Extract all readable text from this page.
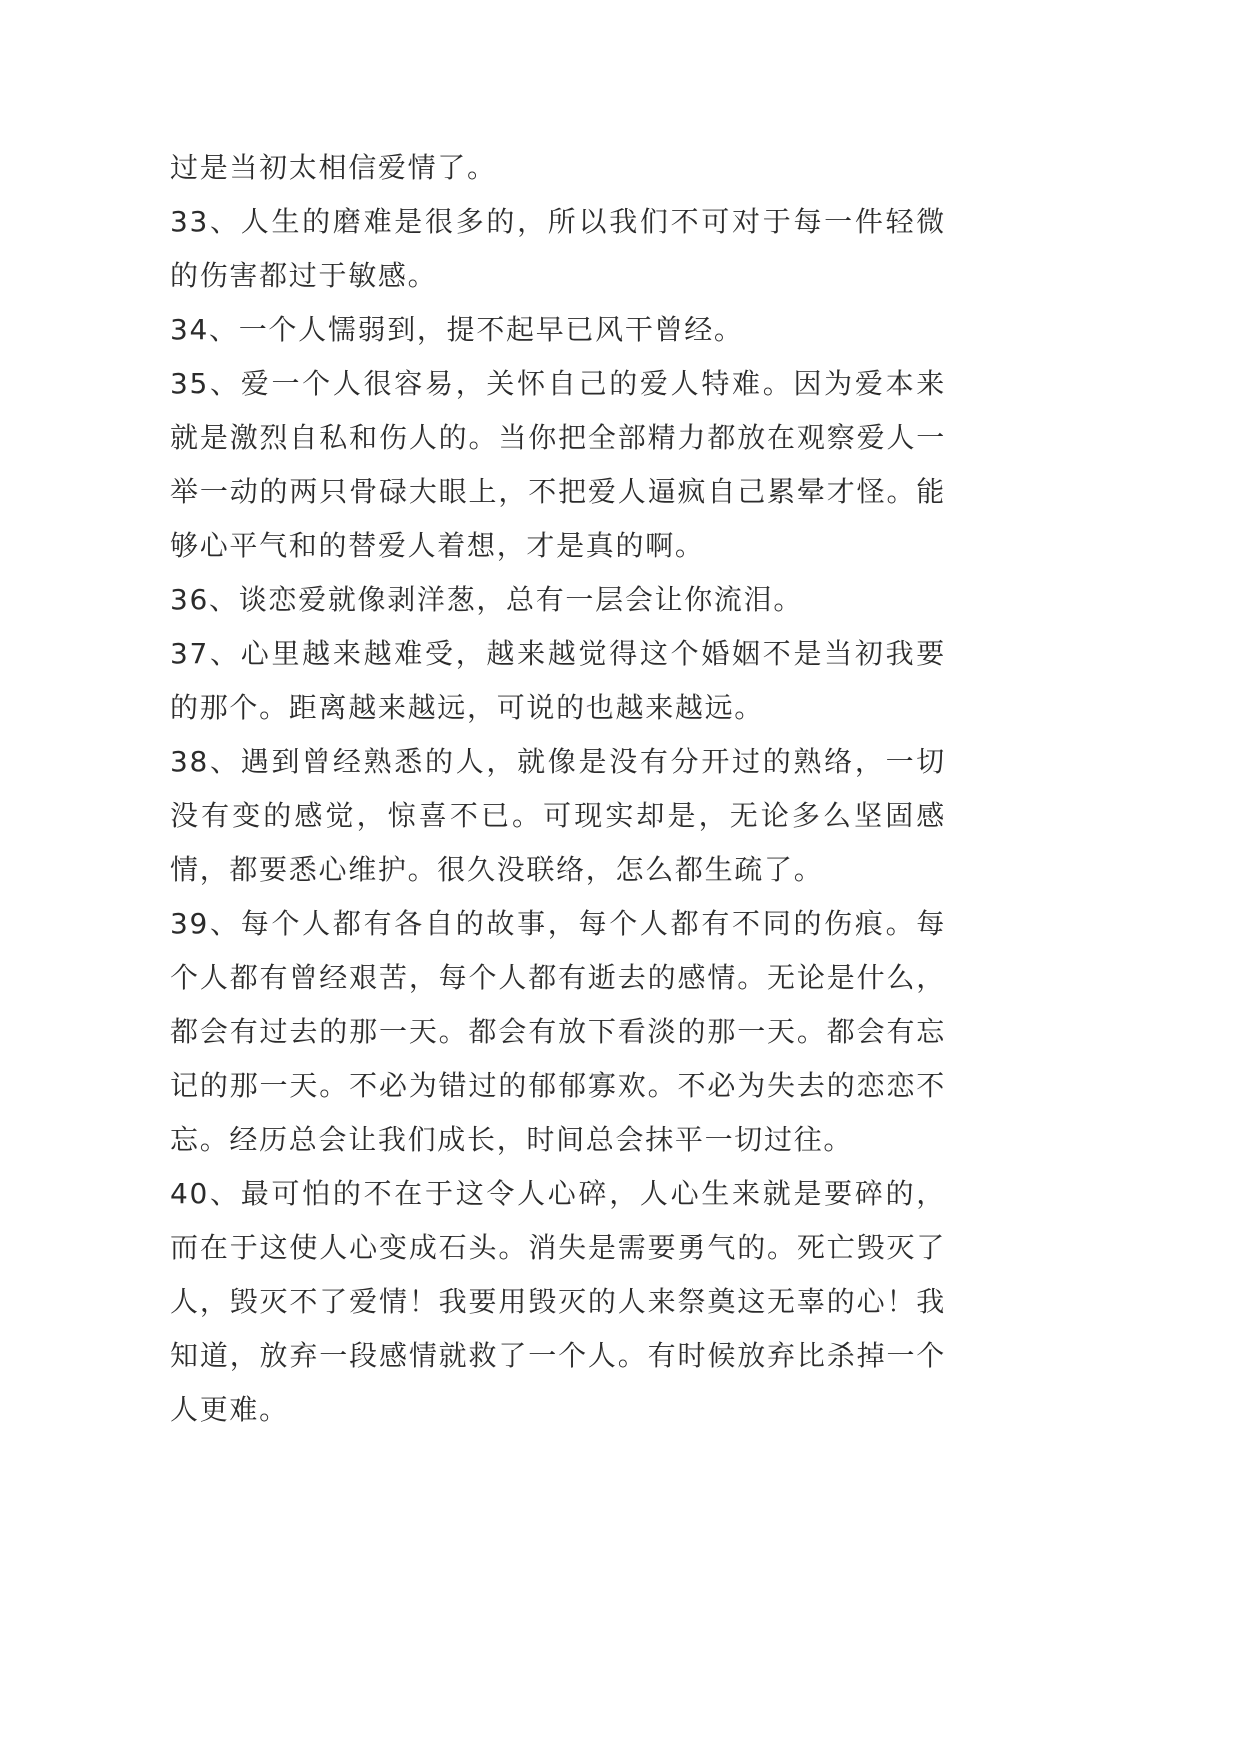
过是当初太相信爱情了。

33、人生的磨难是很多的，所以我们不可对于每一件轻微的伤害都过于敏感。

34、一个人懦弱到，提不起早已风干曾经。

35、爱一个人很容易，关怀自己的爱人特难。因为爱本来就是激烈自私和伤人的。当你把全部精力都放在观察爱人一举一动的两只骨碌大眼上，不把爱人逼疯自己累晕才怪。能够心平气和的替爱人着想，才是真的啊。

36、谈恋爱就像剥洋葱，总有一层会让你流泪。

37、心里越来越难受，越来越觉得这个婚姻不是当初我要的那个。距离越来越远，可说的也越来越远。

38、遇到曾经熟悉的人，就像是没有分开过的熟络，一切没有变的感觉，惊喜不已。可现实却是，无论多么坚固感情，都要悉心维护。很久没联络，怎么都生疏了。

39、每个人都有各自的故事，每个人都有不同的伤痕。每个人都有曾经艰苦，每个人都有逝去的感情。无论是什么，都会有过去的那一天。都会有放下看淡的那一天。都会有忘记的那一天。不必为错过的郁郁寡欢。不必为失去的恋恋不忘。经历总会让我们成长，时间总会抹平一切过往。

40、最可怕的不在于这令人心碎，人心生来就是要碎的，而在于这使人心变成石头。消失是需要勇气的。死亡毁灭了人，毁灭不了爱情！我要用毁灭的人来祭奠这无辜的心！我知道，放弃一段感情就救了一个人。有时候放弃比杀掉一个人更难。
